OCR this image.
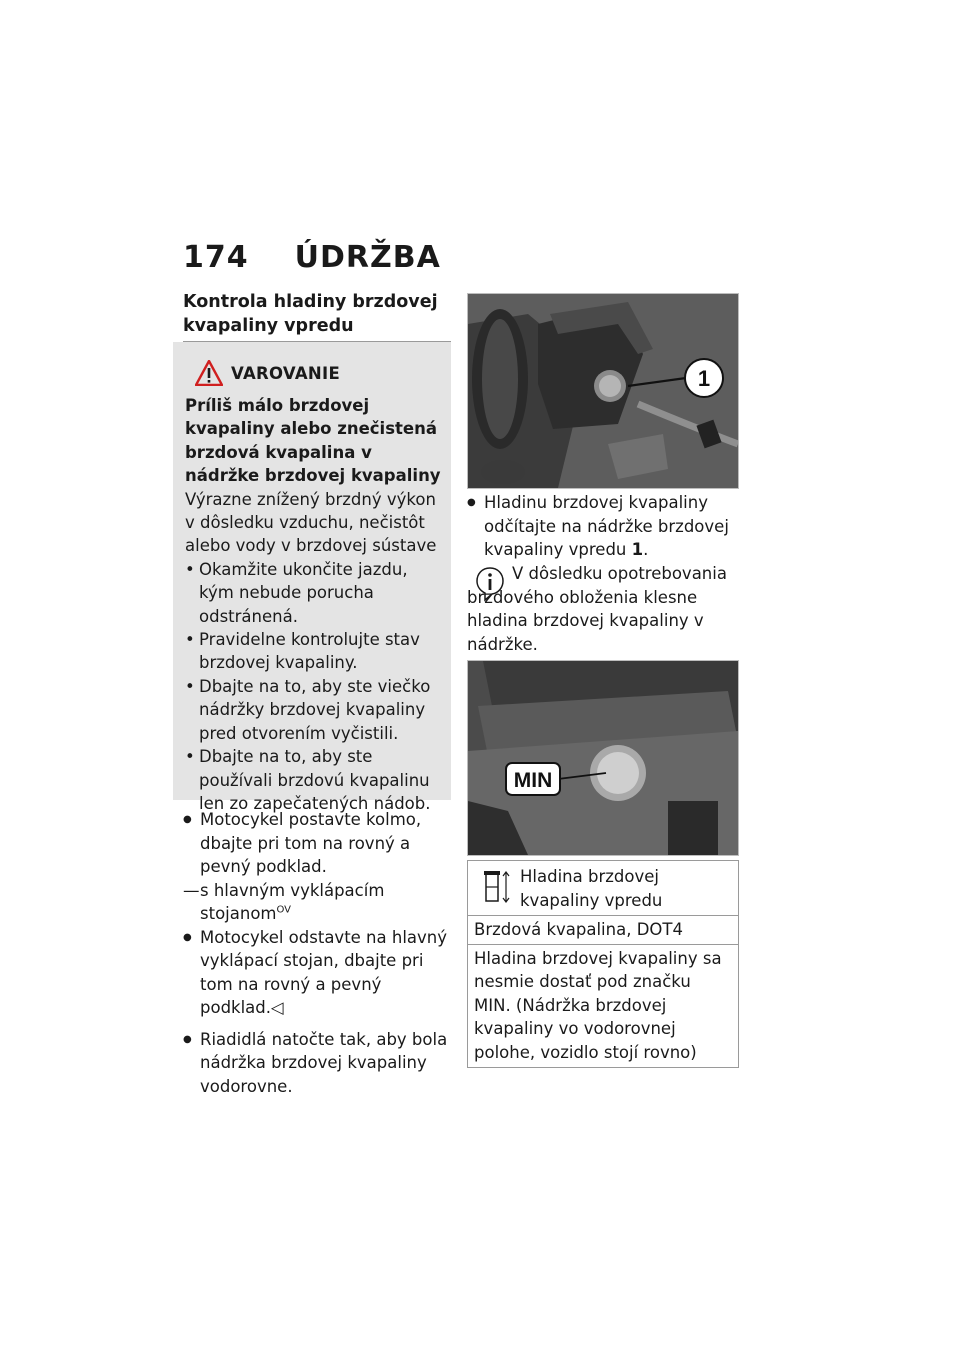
174 ÚDRŽBA
Kontrola hladiny brzdovej kvapaliny vpredu
VAROVANIE
Príliš málo brzdovej kvapaliny alebo znečistená brzdová kvapalina v nádržke brzdovej kvapaliny
Výrazne znížený brzdný výkon v dôsledku vzduchu, nečistôt alebo vody v brzdovej sústave
• Okamžite ukončite jazdu, kým nebude porucha odstránená.
• Pravidelne kontrolujte stav brzdovej kvapaliny.
• Dbajte na to, aby ste viečko nádržky brzdovej kvapaliny pred otvorením vyčistili.
• Dbajte na to, aby ste používali brzdovú kvapalinu len zo zapečatených nádob.
● Motocykel postavte kolmo, dbajte pri tom na rovný a pevný podklad.
— s hlavným vyklápacím stojanom$^{OV}$
● Motocykel odstavte na hlavný vyklápací stojan, dbajte pri tom na rovný a pevný podklad.◁
● Riadidlá natočte tak, aby bola nádržka brzdovej kvapaliny vodorovne.
1
● Hladinu brzdovej kvapaliny odčítajte na nádržke brzdovej kvapaliny vpredu 1.
V dôsledku opotrebovania brzdového obloženia klesne hladina brzdovej kvapaliny v nádržke.
MIN
Hladina brzdovej kvapaliny vpredu
Brzdová kvapalina, DOT4
Hladina brzdovej kvapaliny sa nesmie dostať pod značku MIN. (Nádržka brzdovej kvapaliny vo vodorovnej polohe, vozidlo stojí rovno)
